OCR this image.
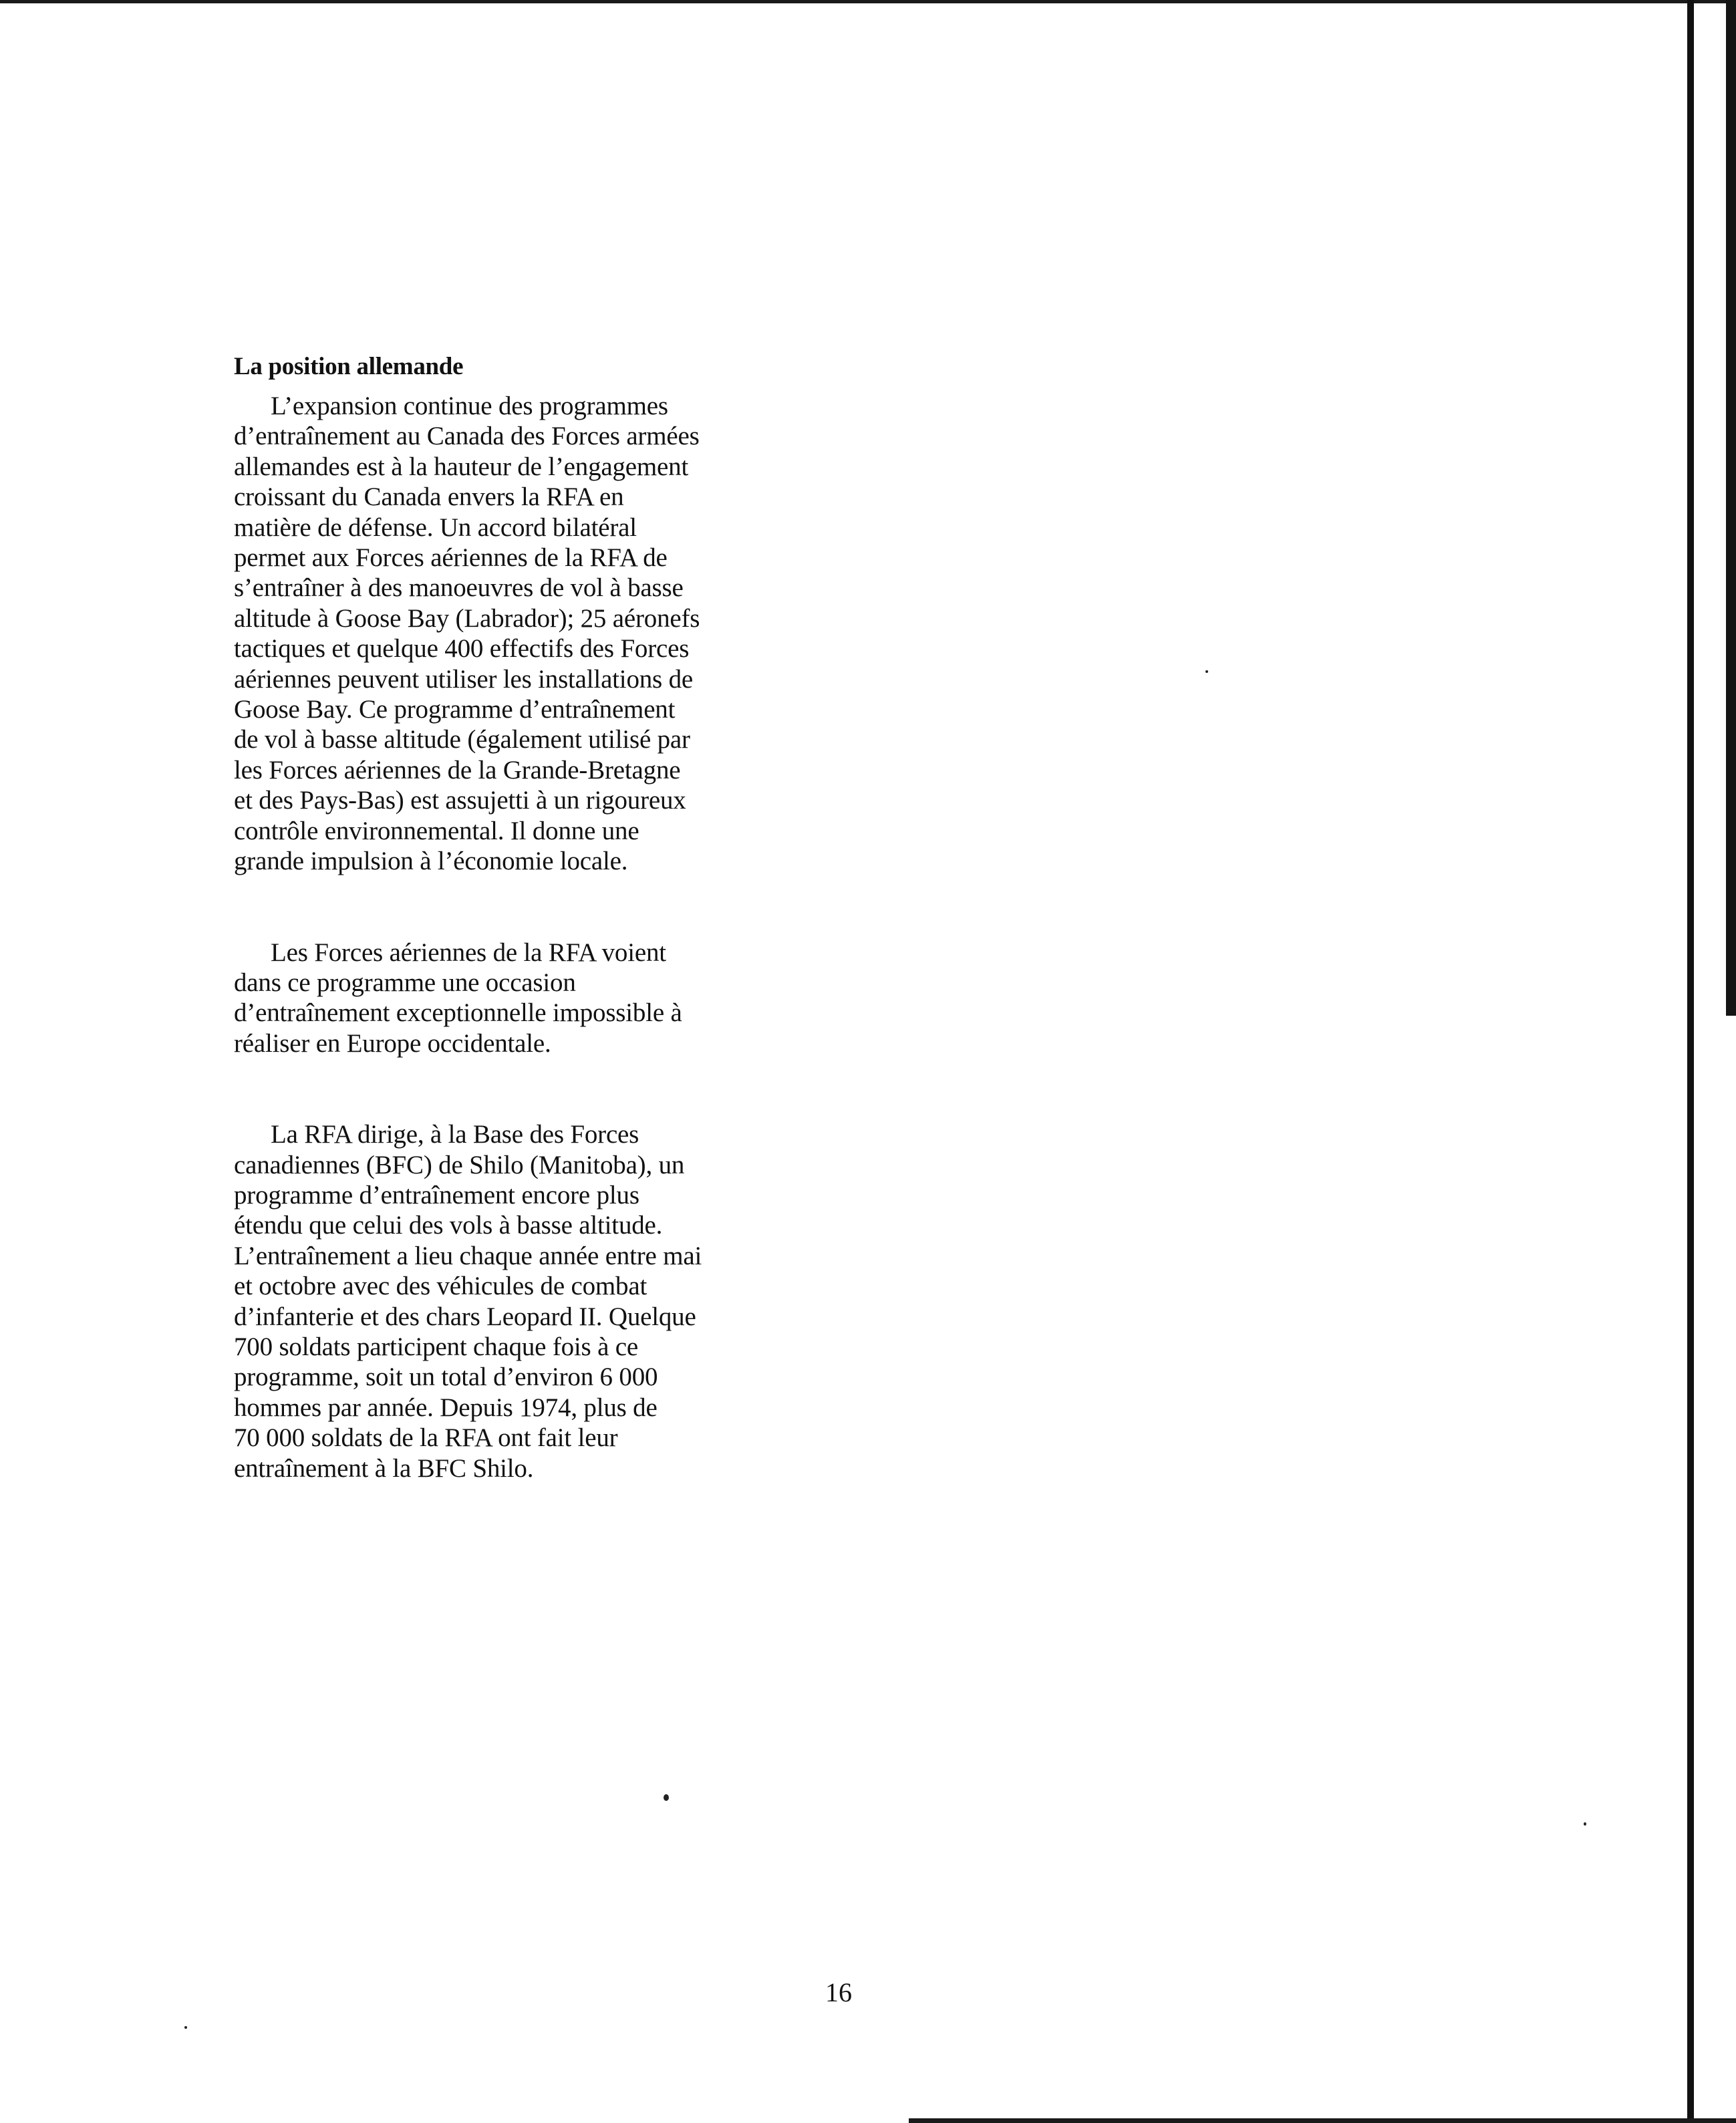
La position allemande

L’expansion continue des programmes
d’entraînement au Canada des Forces armées
allemandes est à la hauteur de l’engagement
croissant du Canada envers la RFA en
matière de défense. Un accord bilatéral
permet aux Forces aériennes de la RFA de
s’entraîner à des manoeuvres de vol à basse
altitude à Goose Bay (Labrador); 25 aéronefs
tactiques et quelque 400 effectifs des Forces
aériennes peuvent utiliser les installations de
Goose Bay. Ce programme d’entraînement
de vol à basse altitude (également utilisé par
les Forces aériennes de la Grande-Bretagne
et des Pays-Bas) est assujetti à un rigoureux
contrôle environnemental. Il donne une
grande impulsion à l’économie locale.

Les Forces aériennes de la RFA voient
dans ce programme une occasion
d’entraînement exceptionnelle impossible à
réaliser en Europe occidentale.

La RFA dirige, à la Base des Forces
canadiennes (BFC) de Shilo (Manitoba), un
programme d’entraînement encore plus
étendu que celui des vols à basse altitude.
L’entraînement a lieu chaque année entre mai
et octobre avec des véhicules de combat
d’infanterie et des chars Leopard II. Quelque
700 soldats participent chaque fois à ce
programme, soit un total d’environ 6 000
hommes par année. Depuis 1974, plus de
70 000 soldats de la RFA ont fait leur
entraînement à la BFC Shilo.

16
